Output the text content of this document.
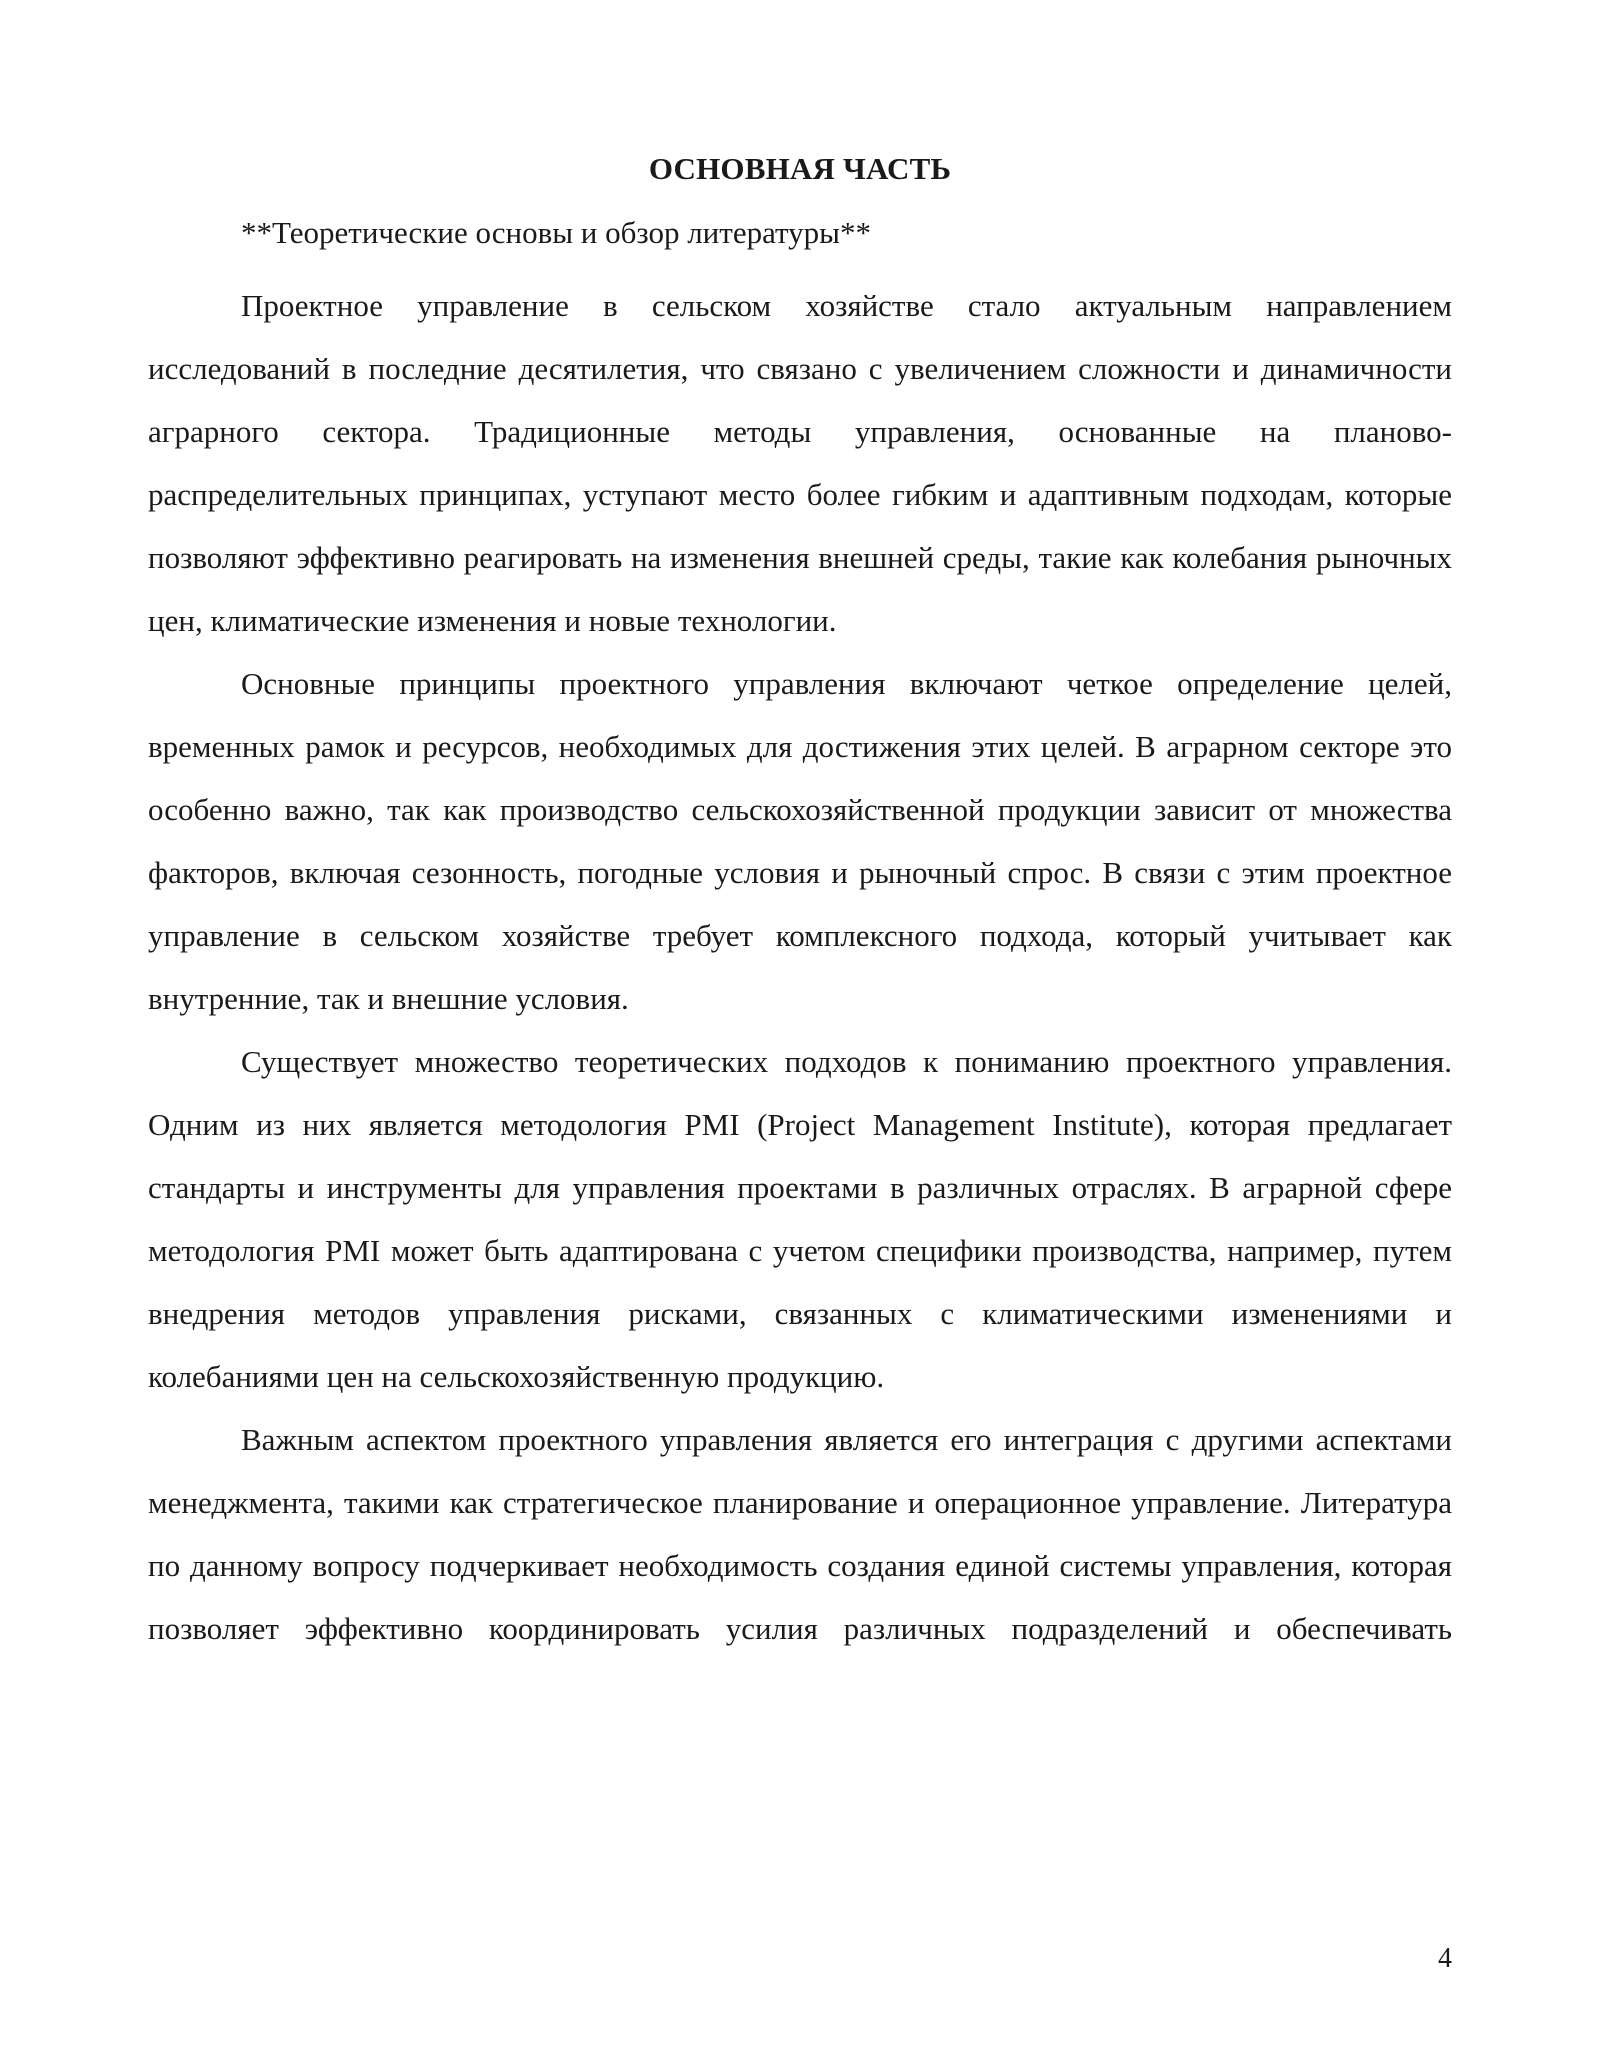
ОСНОВНАЯ ЧАСТЬ

**Теоретические основы и обзор литературы**

Проектное управление в сельском хозяйстве стало актуальным направлением исследований в последние десятилетия, что связано с увеличением сложности и динамичности аграрного сектора. Традиционные методы управления, основанные на планово-распределительных принципах, уступают место более гибким и адаптивным подходам, которые позволяют эффективно реагировать на изменения внешней среды, такие как колебания рыночных цен, климатические изменения и новые технологии.

Основные принципы проектного управления включают четкое определение целей, временных рамок и ресурсов, необходимых для достижения этих целей. В аграрном секторе это особенно важно, так как производство сельскохозяйственной продукции зависит от множества факторов, включая сезонность, погодные условия и рыночный спрос. В связи с этим проектное управление в сельском хозяйстве требует комплексного подхода, который учитывает как внутренние, так и внешние условия.

Существует множество теоретических подходов к пониманию проектного управления. Одним из них является методология PMI (Project Management Institute), которая предлагает стандарты и инструменты для управления проектами в различных отраслях. В аграрной сфере методология PMI может быть адаптирована с учетом специфики производства, например, путем внедрения методов управления рисками, связанных с климатическими изменениями и колебаниями цен на сельскохозяйственную продукцию.

Важным аспектом проектного управления является его интеграция с другими аспектами менеджмента, такими как стратегическое планирование и операционное управление. Литература по данному вопросу подчеркивает необходимость создания единой системы управления, которая позволяет эффективно координировать усилия различных подразделений и обеспечивать

4
